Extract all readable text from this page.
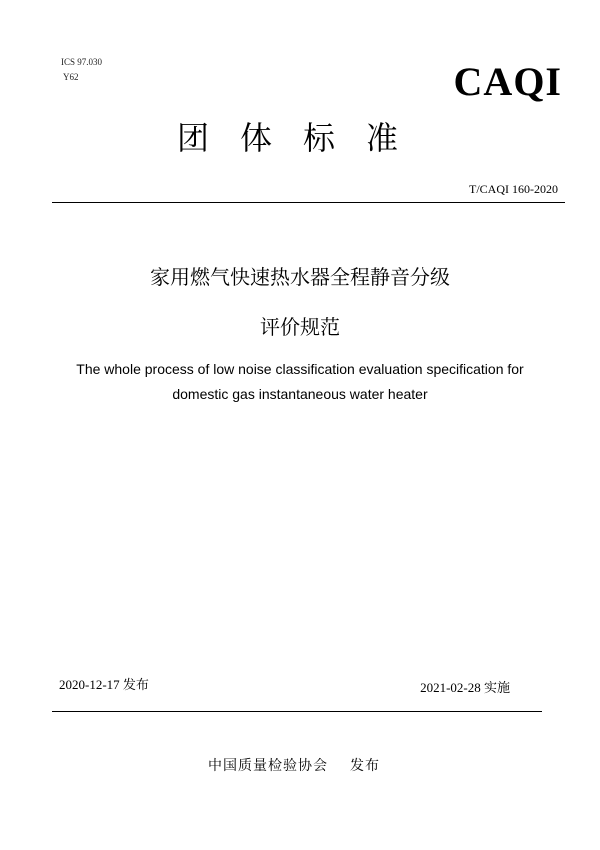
ICS 97.030
Y62	CAQI
团体标准
T/CAQI 160-2020
家用燃气快速热水器全程静音分级
评价规范
The whole process of low noise classification evaluation specification for
domestic gas instantaneous water heater
2020-12-17 发布	2021-02-28 实施
中国质量检验协会 发布
